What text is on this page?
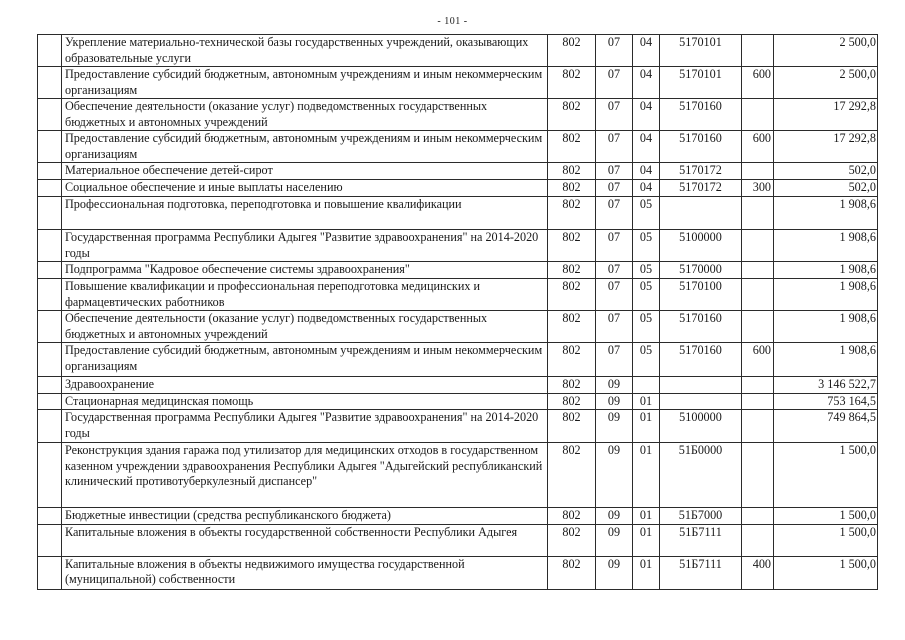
- 101 -
	Укрепление материально-технической базы государственных учреждений, оказывающих образовательные услуги	802	07	04	5170101		2 500,0
	Предоставление субсидий бюджетным, автономным учреждениям и иным некоммерческим организациям	802	07	04	5170101	600	2 500,0
	Обеспечение деятельности (оказание услуг) подведомственных государственных бюджетных и автономных учреждений	802	07	04	5170160		17 292,8
	Предоставление субсидий бюджетным, автономным учреждениям и иным некоммерческим организациям	802	07	04	5170160	600	17 292,8
	Материальное обеспечение детей-сирот	802	07	04	5170172		502,0
	Социальное обеспечение и иные выплаты населению	802	07	04	5170172	300	502,0
	Профессиональная подготовка, переподготовка и повышение квалификации	802	07	05			1 908,6
	Государственная программа Республики Адыгея "Развитие здравоохранения" на 2014-2020 годы	802	07	05	5100000		1 908,6
	Подпрограмма "Кадровое обеспечение системы здравоохранения"	802	07	05	5170000		1 908,6
	Повышение квалификации и профессиональная переподготовка медицинских и фармацевтических работников	802	07	05	5170100		1 908,6
	Обеспечение деятельности (оказание услуг) подведомственных государственных бюджетных и автономных учреждений	802	07	05	5170160		1 908,6
	Предоставление субсидий бюджетным, автономным учреждениям и иным некоммерческим организациям	802	07	05	5170160	600	1 908,6
	Здравоохранение	802	09				3 146 522,7
	Стационарная медицинская помощь	802	09	01			753 164,5
	Государственная программа Республики Адыгея "Развитие здравоохранения" на 2014-2020 годы	802	09	01	5100000		749 864,5
	Реконструкция здания гаража под утилизатор для медицинских отходов в государственном казенном учреждении здравоохранения Республики Адыгея "Адыгейский республиканский клинический противотуберкулезный диспансер"	802	09	01	51Б0000		1 500,0
	Бюджетные инвестиции (средства республиканского бюджета)	802	09	01	51Б7000		1 500,0
	Капитальные вложения в объекты государственной собственности Республики Адыгея	802	09	01	51Б7111		1 500,0
	Капитальные вложения в объекты недвижимого имущества государственной (муниципальной) собственности	802	09	01	51Б7111	400	1 500,0
